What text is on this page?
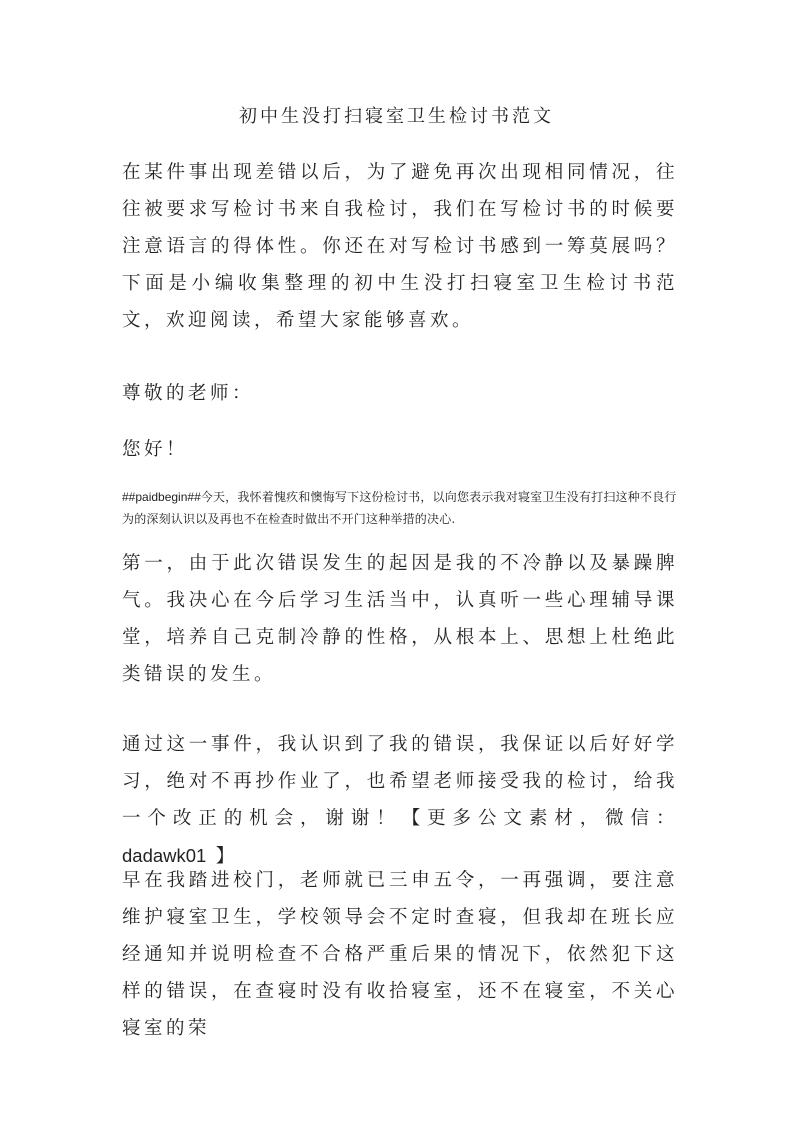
初中生没打扫寝室卫生检讨书范文

在某件事出现差错以后，为了避免再次出现相同情况，往往被要求写检讨书来自我检讨，我们在写检讨书的时候要注意语言的得体性。你还在对写检讨书感到一筹莫展吗？下面是小编收集整理的初中生没打扫寝室卫生检讨书范文，欢迎阅读，希望大家能够喜欢。

尊敬的老师：

您好！

##paidbegin##今天，我怀着愧疚和懊悔写下这份检讨书，以向您表示我对寝室卫生没有打扫这种不良行为的深刻认识以及再也不在检查时做出不开门这种举措的决心.

第一，由于此次错误发生的起因是我的不冷静以及暴躁脾气。我决心在今后学习生活当中，认真听一些心理辅导课堂，培养自己克制冷静的性格，从根本上、思想上杜绝此类错误的发生。

通过这一事件，我认识到了我的错误，我保证以后好好学习，绝对不再抄作业了，也希望老师接受我的检讨，给我一个改正的机会，谢谢！【更多公文素材，微信：dadawk01 】

早在我踏进校门，老师就已三申五令，一再强调，要注意维护寝室卫生，学校领导会不定时查寝，但我却在班长应经通知并说明检查不合格严重后果的情况下，依然犯下这样的错误，在查寝时没有收拾寝室，还不在寝室，不关心寝室的荣
